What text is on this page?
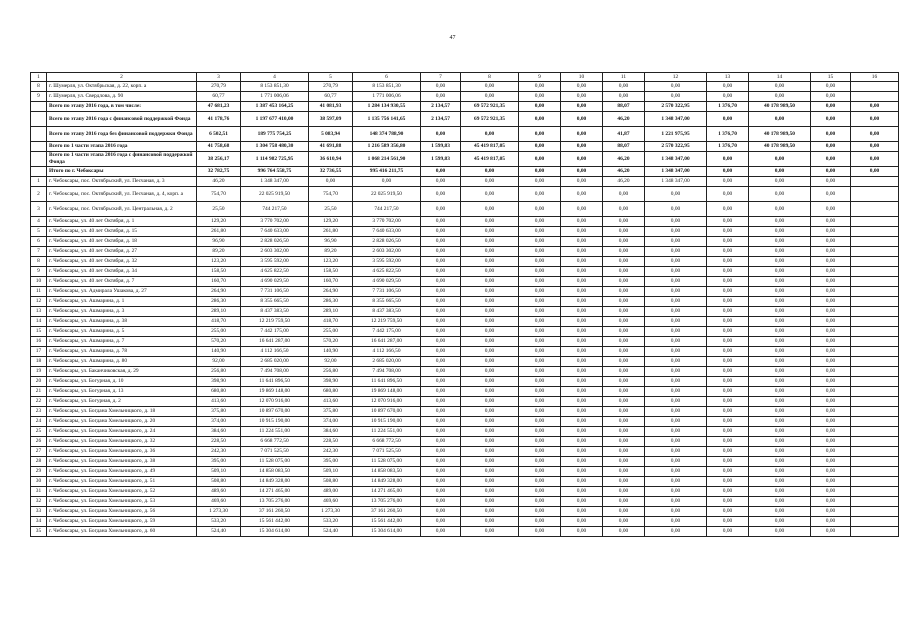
47
1	2	3	4	5	6	7	8	9	10	11	12	13	14	15	16
8	г. Шумерля, ул. Октябрьская, д. 22, корп. а	270,79	8 153 851,30	270,79	8 153 851,30	0,00	0,00	0,00	0,00	0,00	0,00	0,00	0,00	0,00	
9	г. Шумерля, ул. Свердлова, д. 90	60,77	1 771 006,06	60,77	1 771 006,06	0,00	0,00	0,00	0,00	0,00	0,00	0,00	0,00	0,00	
	Всего по этапу 2016 года, в том числе:	47 681,23	1 387 453 164,25	41 081,93	1 284 134 930,55	2 134,57	69 572 921,35	0,00	0,00	88,07	2 570 322,95	1 376,70	40 178 989,50	0,00	0,00
	Всего по этапу 2016 года с финансовой поддержкой Фонда	41 178,76	1 197 677 410,00	38 597,09	1 135 756 141,65	2 134,57	69 572 921,35	0,00	0,00	46,20	1 348 347,00	0,00	0,00	0,00	0,00
	Всего по этапу 2016 года без финансовой поддержки Фонда	6 502,51	189 775 754,25	5 083,94	148 374 788,90	0,00	0,00	0,00	0,00	41,87	1 221 975,95	1 376,70	40 178 989,50	0,00	0,00
	Всего по 1 части этапа 2016 года	41 758,68	1 304 758 480,30	41 691,88	1 216 589 356,80	1 599,83	45 419 817,05	0,00	0,00	88,07	2 570 322,95	1 376,70	40 178 989,50	0,00	0,00
	Всего по 1 части этапа 2016 года с финансовой поддержкой Фонда	38 256,17	1 114 982 725,95	36 610,94	1 068 214 561,90	1 599,83	45 419 817,05	0,00	0,00	46,20	1 348 347,00	0,00	0,00	0,00	0,00
	Итого по г. Чебоксары	32 782,75	996 764 558,75	32 736,55	995 416 211,75	0,00	0,00	0,00	0,00	46,20	1 348 347,00	0,00	0,00	0,00	0,00
1	г. Чебоксары, пос. Октябрьский, ул. Песчаная, д. 3	46,20	1 348 347,00	0,00	0,00	0,00	0,00	0,00	0,00	46,20	1 348 347,00	0,00	0,00	0,00	
2	г. Чебоксары, пос. Октябрьский, ул. Песчаная, д. 4, корп. а	754,70	22 025 919,50	754,70	22 025 919,50	0,00	0,00	0,00	0,00	0,00	0,00	0,00	0,00	0,00	
3	г. Чебоксары, пос. Октябрьский, ул. Центральная, д. 2	25,50	744 217,50	25,50	744 217,50	0,00	0,00	0,00	0,00	0,00	0,00	0,00	0,00	0,00	
4	г. Чебоксары, ул. 40 лет Октября, д. 1	129,20	3 770 702,00	129,20	3 770 702,00	0,00	0,00	0,00	0,00	0,00	0,00	0,00	0,00	0,00	
5	г. Чебоксары, ул. 40 лет Октября, д. 15	261,80	7 640 633,00	261,80	7 640 633,00	0,00	0,00	0,00	0,00	0,00	0,00	0,00	0,00	0,00	
6	г. Чебоксары, ул. 40 лет Октября, д. 18	96,90	2 828 026,50	96,90	2 828 026,50	0,00	0,00	0,00	0,00	0,00	0,00	0,00	0,00	0,00	
7	г. Чебоксары, ул. 40 лет Октября, д. 27	89,20	2 603 302,00	89,20	2 603 302,00	0,00	0,00	0,00	0,00	0,00	0,00	0,00	0,00	0,00	
8	г. Чебоксары, ул. 40 лет Октября, д. 32	123,20	3 595 592,00	123,20	3 595 592,00	0,00	0,00	0,00	0,00	0,00	0,00	0,00	0,00	0,00	
9	г. Чебоксары, ул. 40 лет Октября, д. 34	158,50	4 625 822,50	158,50	4 625 822,50	0,00	0,00	0,00	0,00	0,00	0,00	0,00	0,00	0,00	
10	г. Чебоксары, ул. 40 лет Октября, д. 7	160,70	4 690 029,50	160,70	4 690 029,50	0,00	0,00	0,00	0,00	0,00	0,00	0,00	0,00	0,00	
11	г. Чебоксары, ул. Адмирала Ушакова, д. 27	264,90	7 731 106,50	264,90	7 731 106,50	0,00	0,00	0,00	0,00	0,00	0,00	0,00	0,00	0,00	
12	г. Чебоксары, ул. Ашмарина, д. 1	286,30	8 355 665,50	286,30	8 355 665,50	0,00	0,00	0,00	0,00	0,00	0,00	0,00	0,00	0,00	
13	г. Чебоксары, ул. Ашмарина, д. 3	289,10	8 437 383,50	289,10	8 437 383,50	0,00	0,00	0,00	0,00	0,00	0,00	0,00	0,00	0,00	
14	г. Чебоксары, ул. Ашмарина, д. 38	418,70	12 219 759,50	418,70	12 219 759,50	0,00	0,00	0,00	0,00	0,00	0,00	0,00	0,00	0,00	
15	г. Чебоксары, ул. Ашмарина, д. 5	255,00	7 442 175,00	255,00	7 442 175,00	0,00	0,00	0,00	0,00	0,00	0,00	0,00	0,00	0,00	
16	г. Чебоксары, ул. Ашмарина, д. 7	570,20	16 641 287,00	570,20	16 641 287,00	0,00	0,00	0,00	0,00	0,00	0,00	0,00	0,00	0,00	
17	г. Чебоксары, ул. Ашмарина, д. 78	140,90	4 112 166,50	140,90	4 112 166,50	0,00	0,00	0,00	0,00	0,00	0,00	0,00	0,00	0,00	
18	г. Чебоксары, ул. Ашмарина, д. 80	92,00	2 685 020,00	92,00	2 685 020,00	0,00	0,00	0,00	0,00	0,00	0,00	0,00	0,00	0,00	
19	г. Чебоксары, ул. Баканчиковская, д. 29	256,80	7 494 708,00	256,80	7 494 708,00	0,00	0,00	0,00	0,00	0,00	0,00	0,00	0,00	0,00	
20	г. Чебоксары, ул. Богурная, д. 10	398,90	11 641 896,50	398,90	11 641 896,50	0,00	0,00	0,00	0,00	0,00	0,00	0,00	0,00	0,00	
21	г. Чебоксары, ул. Богурная, д. 13	680,80	19 869 148,00	680,80	19 869 148,00	0,00	0,00	0,00	0,00	0,00	0,00	0,00	0,00	0,00	
22	г. Чебоксары, ул. Богурная, д. 2	413,60	12 070 916,00	413,60	12 070 916,00	0,00	0,00	0,00	0,00	0,00	0,00	0,00	0,00	0,00	
23	г. Чебоксары, ул. Богдана Хмельницкого, д. 18	375,80	10 897 670,00	375,80	10 897 670,00	0,00	0,00	0,00	0,00	0,00	0,00	0,00	0,00	0,00	
24	г. Чебоксары, ул. Богдана Хмельницкого, д. 20	374,00	10 915 190,00	374,00	10 915 190,00	0,00	0,00	0,00	0,00	0,00	0,00	0,00	0,00	0,00	
25	г. Чебоксары, ул. Богдана Хмельницкого, д. 24	384,60	11 224 551,00	384,60	11 224 551,00	0,00	0,00	0,00	0,00	0,00	0,00	0,00	0,00	0,00	
26	г. Чебоксары, ул. Богдана Хмельницкого, д. 32	228,50	6 668 772,50	228,50	6 668 772,50	0,00	0,00	0,00	0,00	0,00	0,00	0,00	0,00	0,00	
27	г. Чебоксары, ул. Богдана Хмельницкого, д. 36	242,30	7 071 525,50	242,30	7 071 525,50	0,00	0,00	0,00	0,00	0,00	0,00	0,00	0,00	0,00	
28	г. Чебоксары, ул. Богдана Хмельницкого, д. 38	395,00	11 528 075,00	395,00	11 528 075,00	0,00	0,00	0,00	0,00	0,00	0,00	0,00	0,00	0,00	
29	г. Чебоксары, ул. Богдана Хмельницкого, д. 49	509,10	14 858 083,50	509,10	14 858 083,50	0,00	0,00	0,00	0,00	0,00	0,00	0,00	0,00	0,00	
30	г. Чебоксары, ул. Богдана Хмельницкого, д. 51	508,80	14 849 328,00	508,80	14 849 328,00	0,00	0,00	0,00	0,00	0,00	0,00	0,00	0,00	0,00	
31	г. Чебоксары, ул. Богдана Хмельницкого, д. 52	489,60	14 271 465,00	489,00	14 271 465,00	0,00	0,00	0,00	0,00	0,00	0,00	0,00	0,00	0,00	
32	г. Чебоксары, ул. Богдана Хмельницкого, д. 53	469,60	13 705 276,00	469,60	13 705 276,00	0,00	0,00	0,00	0,00	0,00	0,00	0,00	0,00	0,00	
33	г. Чебоксары, ул. Богдана Хмельницкого, д. 56	1 273,30	37 161 260,50	1 273,30	37 161 260,50	0,00	0,00	0,00	0,00	0,00	0,00	0,00	0,00	0,00	
34	г. Чебоксары, ул. Богдана Хмельницкого, д. 59	533,20	15 561 442,00	533,20	15 561 442,00	0,00	0,00	0,00	0,00	0,00	0,00	0,00	0,00	0,00	
35	г. Чебоксары, ул. Богдана Хмельницкого, д. 60	524,40	15 304 614,00	524,40	15 304 614,00	0,00	0,00	0,00	0,00	0,00	0,00	0,00	0,00	0,00	
